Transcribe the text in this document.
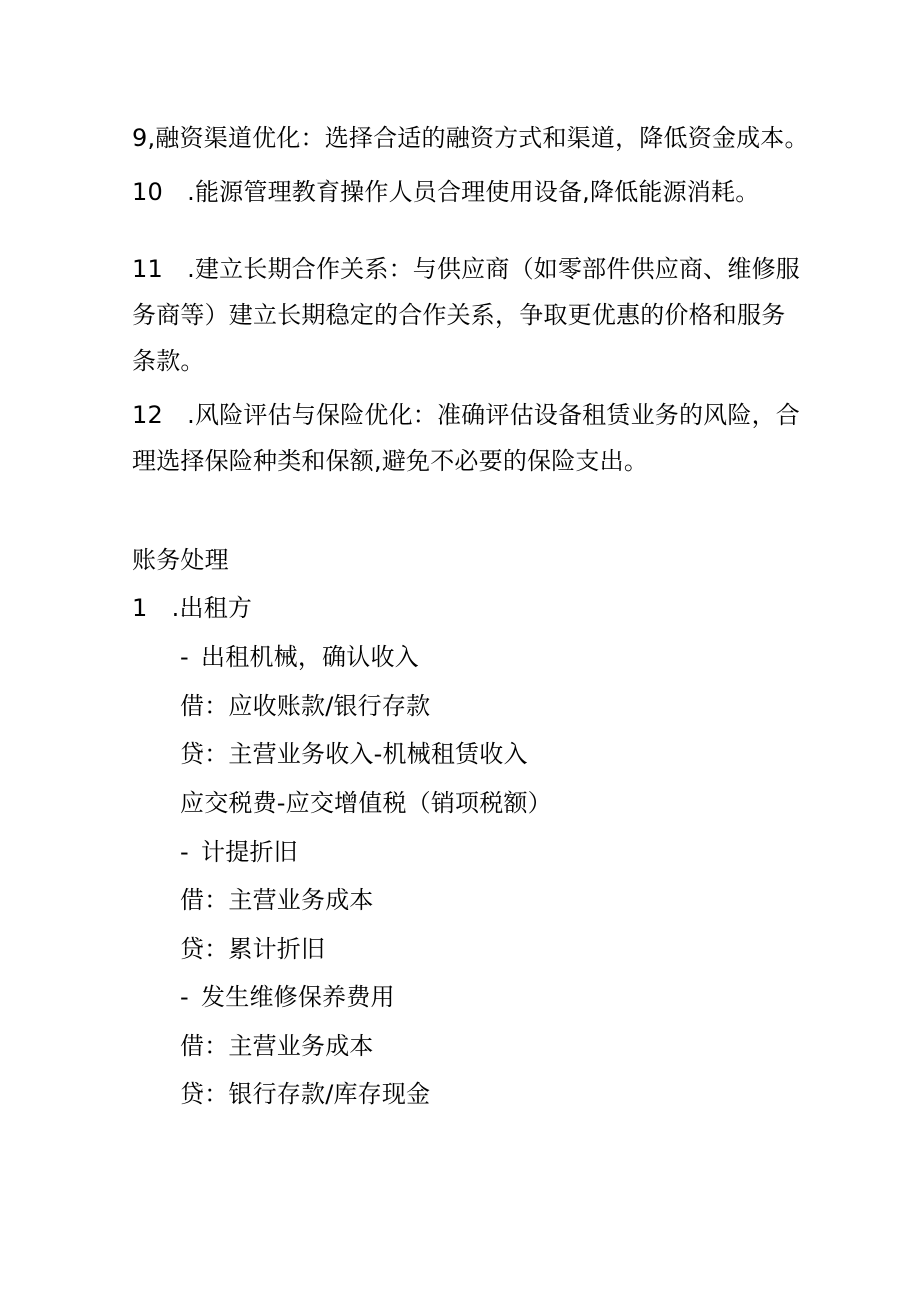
9,融资渠道优化：选择合适的融资方式和渠道，降低资金成本。
10　.能源管理教育操作人员合理使用设备,降低能源消耗。
11　.建立长期合作关系：与供应商（如零部件供应商、维修服务商等）建立长期稳定的合作关系，争取更优惠的价格和服务条款。
12　.风险评估与保险优化：准确评估设备租赁业务的风险，合理选择保险种类和保额,避免不必要的保险支出。
账务处理
1　.出租方
- 出租机械，确认收入
借：应收账款/银行存款
贷：主营业务收入-机械租赁收入
应交税费-应交增值税（销项税额）
- 计提折旧
借：主营业务成本
贷：累计折旧
- 发生维修保养费用
借：主营业务成本
贷：银行存款/库存现金
